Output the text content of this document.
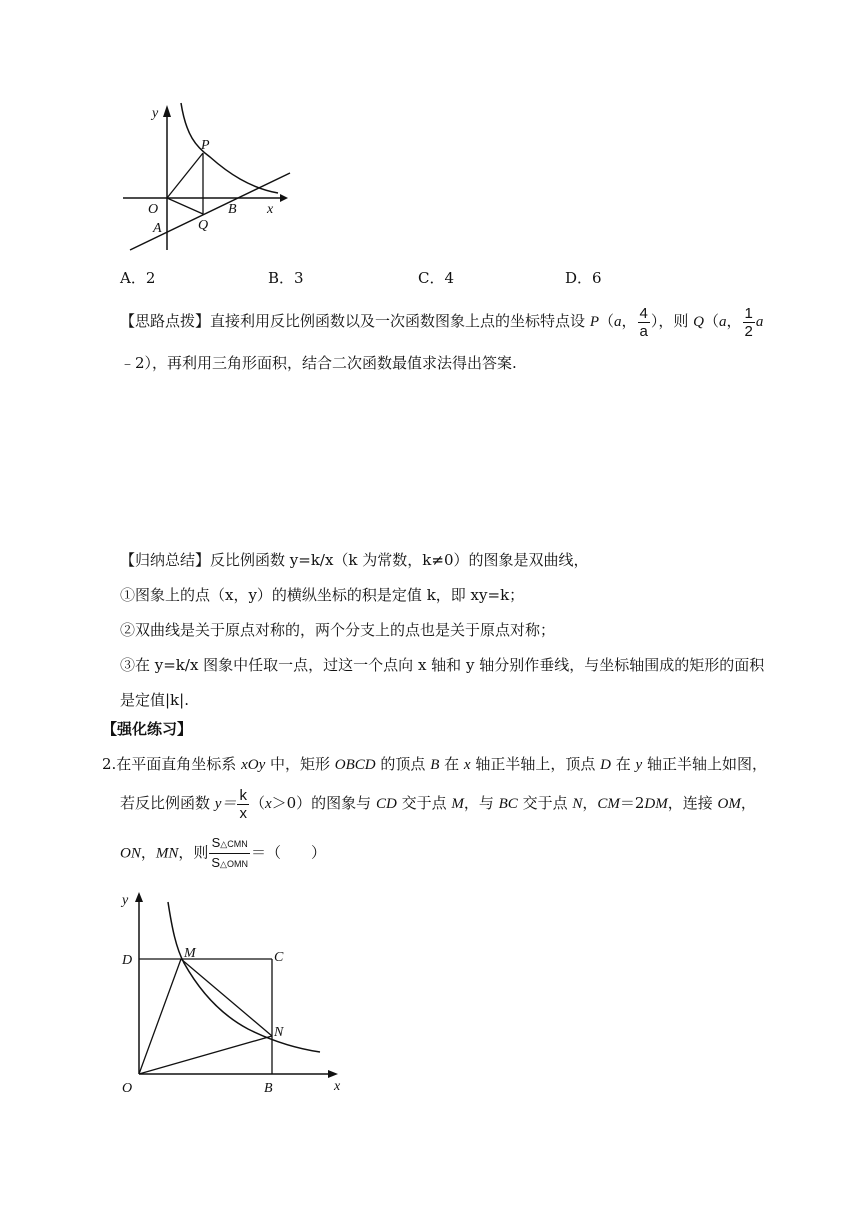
y
x
O
P
A	Q
B
A．2	B．3	C．4	D．6
【思路点拨】直接利用反比例函数以及一次函数图象上点的坐标特点设 P（a， $\frac{4}{a}$ ），则 Q（a， $\frac{1}{2}$ a
﹣2），再利用三角形面积，结合二次函数最值求法得出答案.
【归纳总结】反比例函数 y=k/x（k 为常数，k≠0）的图象是双曲线，
①图象上的点（x，y）的横纵坐标的积是定值 k，即 xy=k；
②双曲线是关于原点对称的，两个分支上的点也是关于原点对称；
③在 y=k/x 图象中任取一点，过这一个点向 x 轴和 y 轴分别作垂线，与坐标轴围成的矩形的面积
是定值|k|.
【强化练习】
2.在平面直角坐标系 xOy 中，矩形 OBCD 的顶点 B 在 x 轴正半轴上，顶点 D 在 y 轴正半轴上如图，
若反比例函数 $y= \frac{k}{x} (x>0)$的图象与 CD 交于点 M，与 BC 交于点 N，CM＝2DM，连接 OM，
ON，MN，则 $\frac{\text{S△CMN}}{\text{S△OMN}}$ ＝（　　）
y
x
O
D	M	C
N
B
